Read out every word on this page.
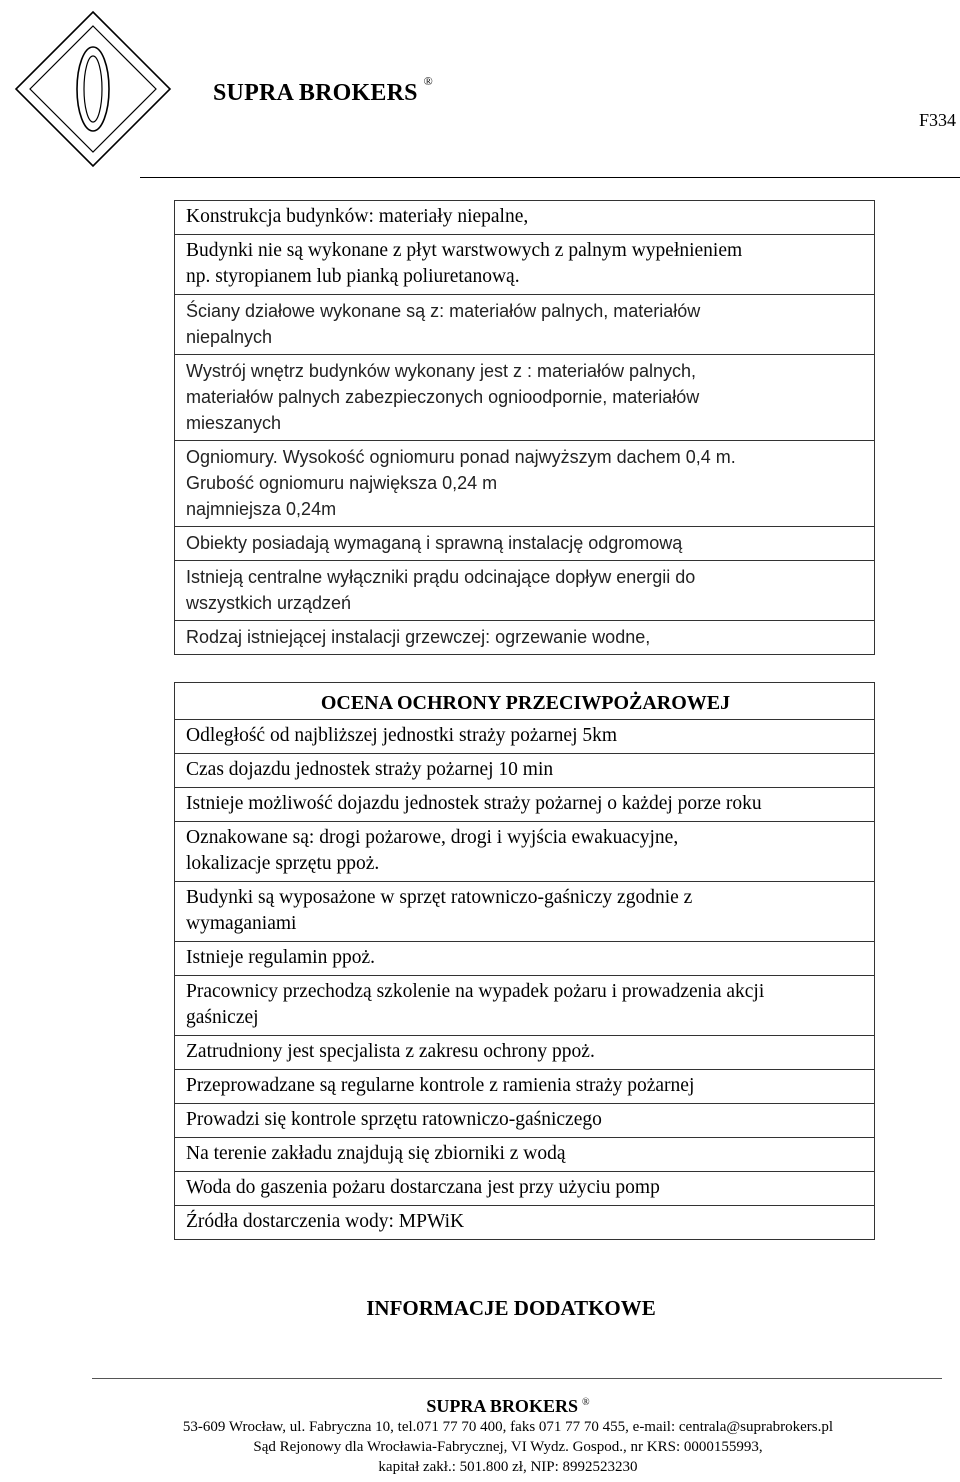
SUPRA BROKERS ®
F334
Konstrukcja budynków: materiały niepalne,

Budynki nie są wykonane z płyt warstwowych z palnym wypełnieniem
np. styropianem lub pianką poliuretanową.

Ściany działowe wykonane są z: materiałów palnych, materiałów
niepalnych

Wystrój wnętrz budynków wykonany jest z : materiałów palnych,
materiałów palnych zabezpieczonych ognioodpornie, materiałów
mieszanych

Ogniomury. Wysokość ogniomuru ponad najwyższym dachem 0,4 m.
Grubość ogniomuru największa 0,24 m
najmniejsza 0,24m

Obiekty posiadają wymaganą i sprawną instalację odgromową

Istnieją centralne wyłączniki prądu odcinające dopływ energii do
wszystkich urządzeń

Rodzaj istniejącej instalacji grzewczej: ogrzewanie wodne,
OCENA OCHRONY PRZECIWPOŻAROWEJ

Odległość od najbliższej jednostki straży pożarnej 5km

Czas dojazdu jednostek straży pożarnej 10 min

Istnieje możliwość dojazdu jednostek straży pożarnej o każdej porze roku

Oznakowane są: drogi pożarowe, drogi i wyjścia ewakuacyjne,
lokalizacje sprzętu ppoż.

Budynki są wyposażone w sprzęt ratowniczo-gaśniczy zgodnie z
wymaganiami

Istnieje regulamin ppoż.

Pracownicy przechodzą szkolenie na wypadek pożaru i prowadzenia akcji
gaśniczej

Zatrudniony jest specjalista z zakresu ochrony ppoż.

Przeprowadzane są regularne kontrole z ramienia straży pożarnej

Prowadzi się kontrole sprzętu ratowniczo-gaśniczego

Na terenie zakładu znajdują się zbiorniki z wodą

Woda do gaszenia pożaru dostarczana jest przy użyciu pomp

Źródła dostarczenia wody: MPWiK
INFORMACJE DODATKOWE
SUPRA BROKERS ®
53-609 Wrocław, ul. Fabryczna 10, tel.071 77 70 400, faks 071 77 70 455, e-mail: centrala@suprabrokers.pl
Sąd Rejonowy dla Wrocławia-Fabrycznej, VI Wydz. Gospod., nr KRS: 0000155993,
kapitał zakł.: 501.800 zł, NIP: 8992523230
